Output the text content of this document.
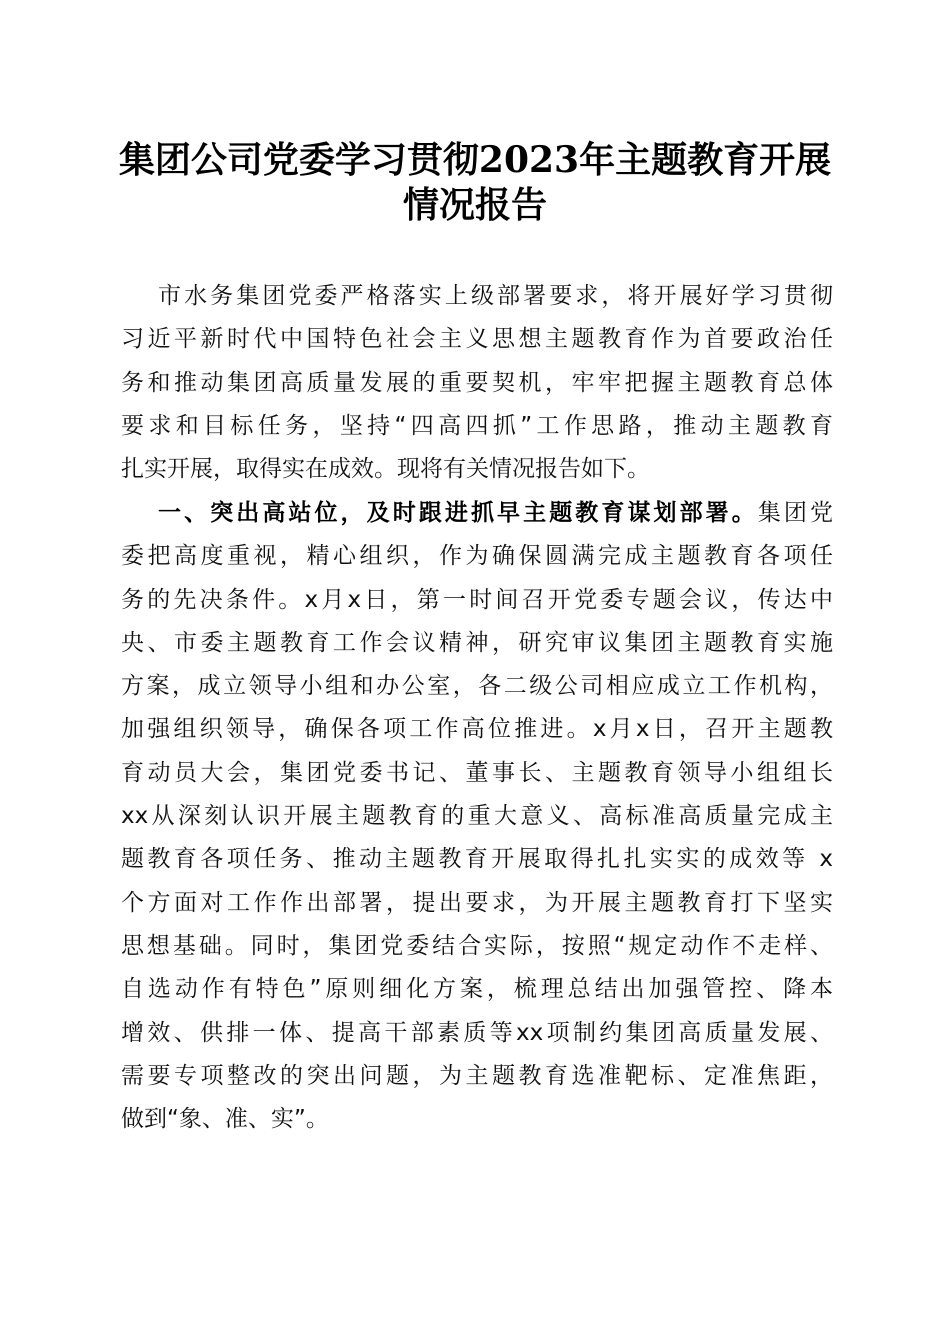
集团公司党委学习贯彻2023年主题教育开展
情况报告
市水务集团党委严格落实上级部署要求，将开展好学习贯彻
习近平新时代中国特色社会主义思想主题教育作为首要政治任
务和推动集团高质量发展的重要契机，牢牢把握主题教育总体
要求和目标任务，坚持“四高四抓”工作思路，推动主题教育
扎实开展，取得实在成效。现将有关情况报告如下。
一、突出高站位，及时跟进抓早主题教育谋划部署。集团党
委把高度重视，精心组织，作为确保圆满完成主题教育各项任
务的先决条件。x月x日，第一时间召开党委专题会议，传达中
央、市委主题教育工作会议精神，研究审议集团主题教育实施
方案，成立领导小组和办公室，各二级公司相应成立工作机构，
加强组织领导，确保各项工作高位推进。x月x日，召开主题教
育动员大会，集团党委书记、董事长、主题教育领导小组组长
xx从深刻认识开展主题教育的重大意义、高标准高质量完成主
题教育各项任务、推动主题教育开展取得扎扎实实的成效等 x
个方面对工作作出部署，提出要求，为开展主题教育打下坚实
思想基础。同时，集团党委结合实际，按照“规定动作不走样、
自选动作有特色”原则细化方案，梳理总结出加强管控、降本
增效、供排一体、提高干部素质等xx项制约集团高质量发展、
需要专项整改的突出问题，为主题教育选准靶标、定准焦距，
做到“象、准、实”。
